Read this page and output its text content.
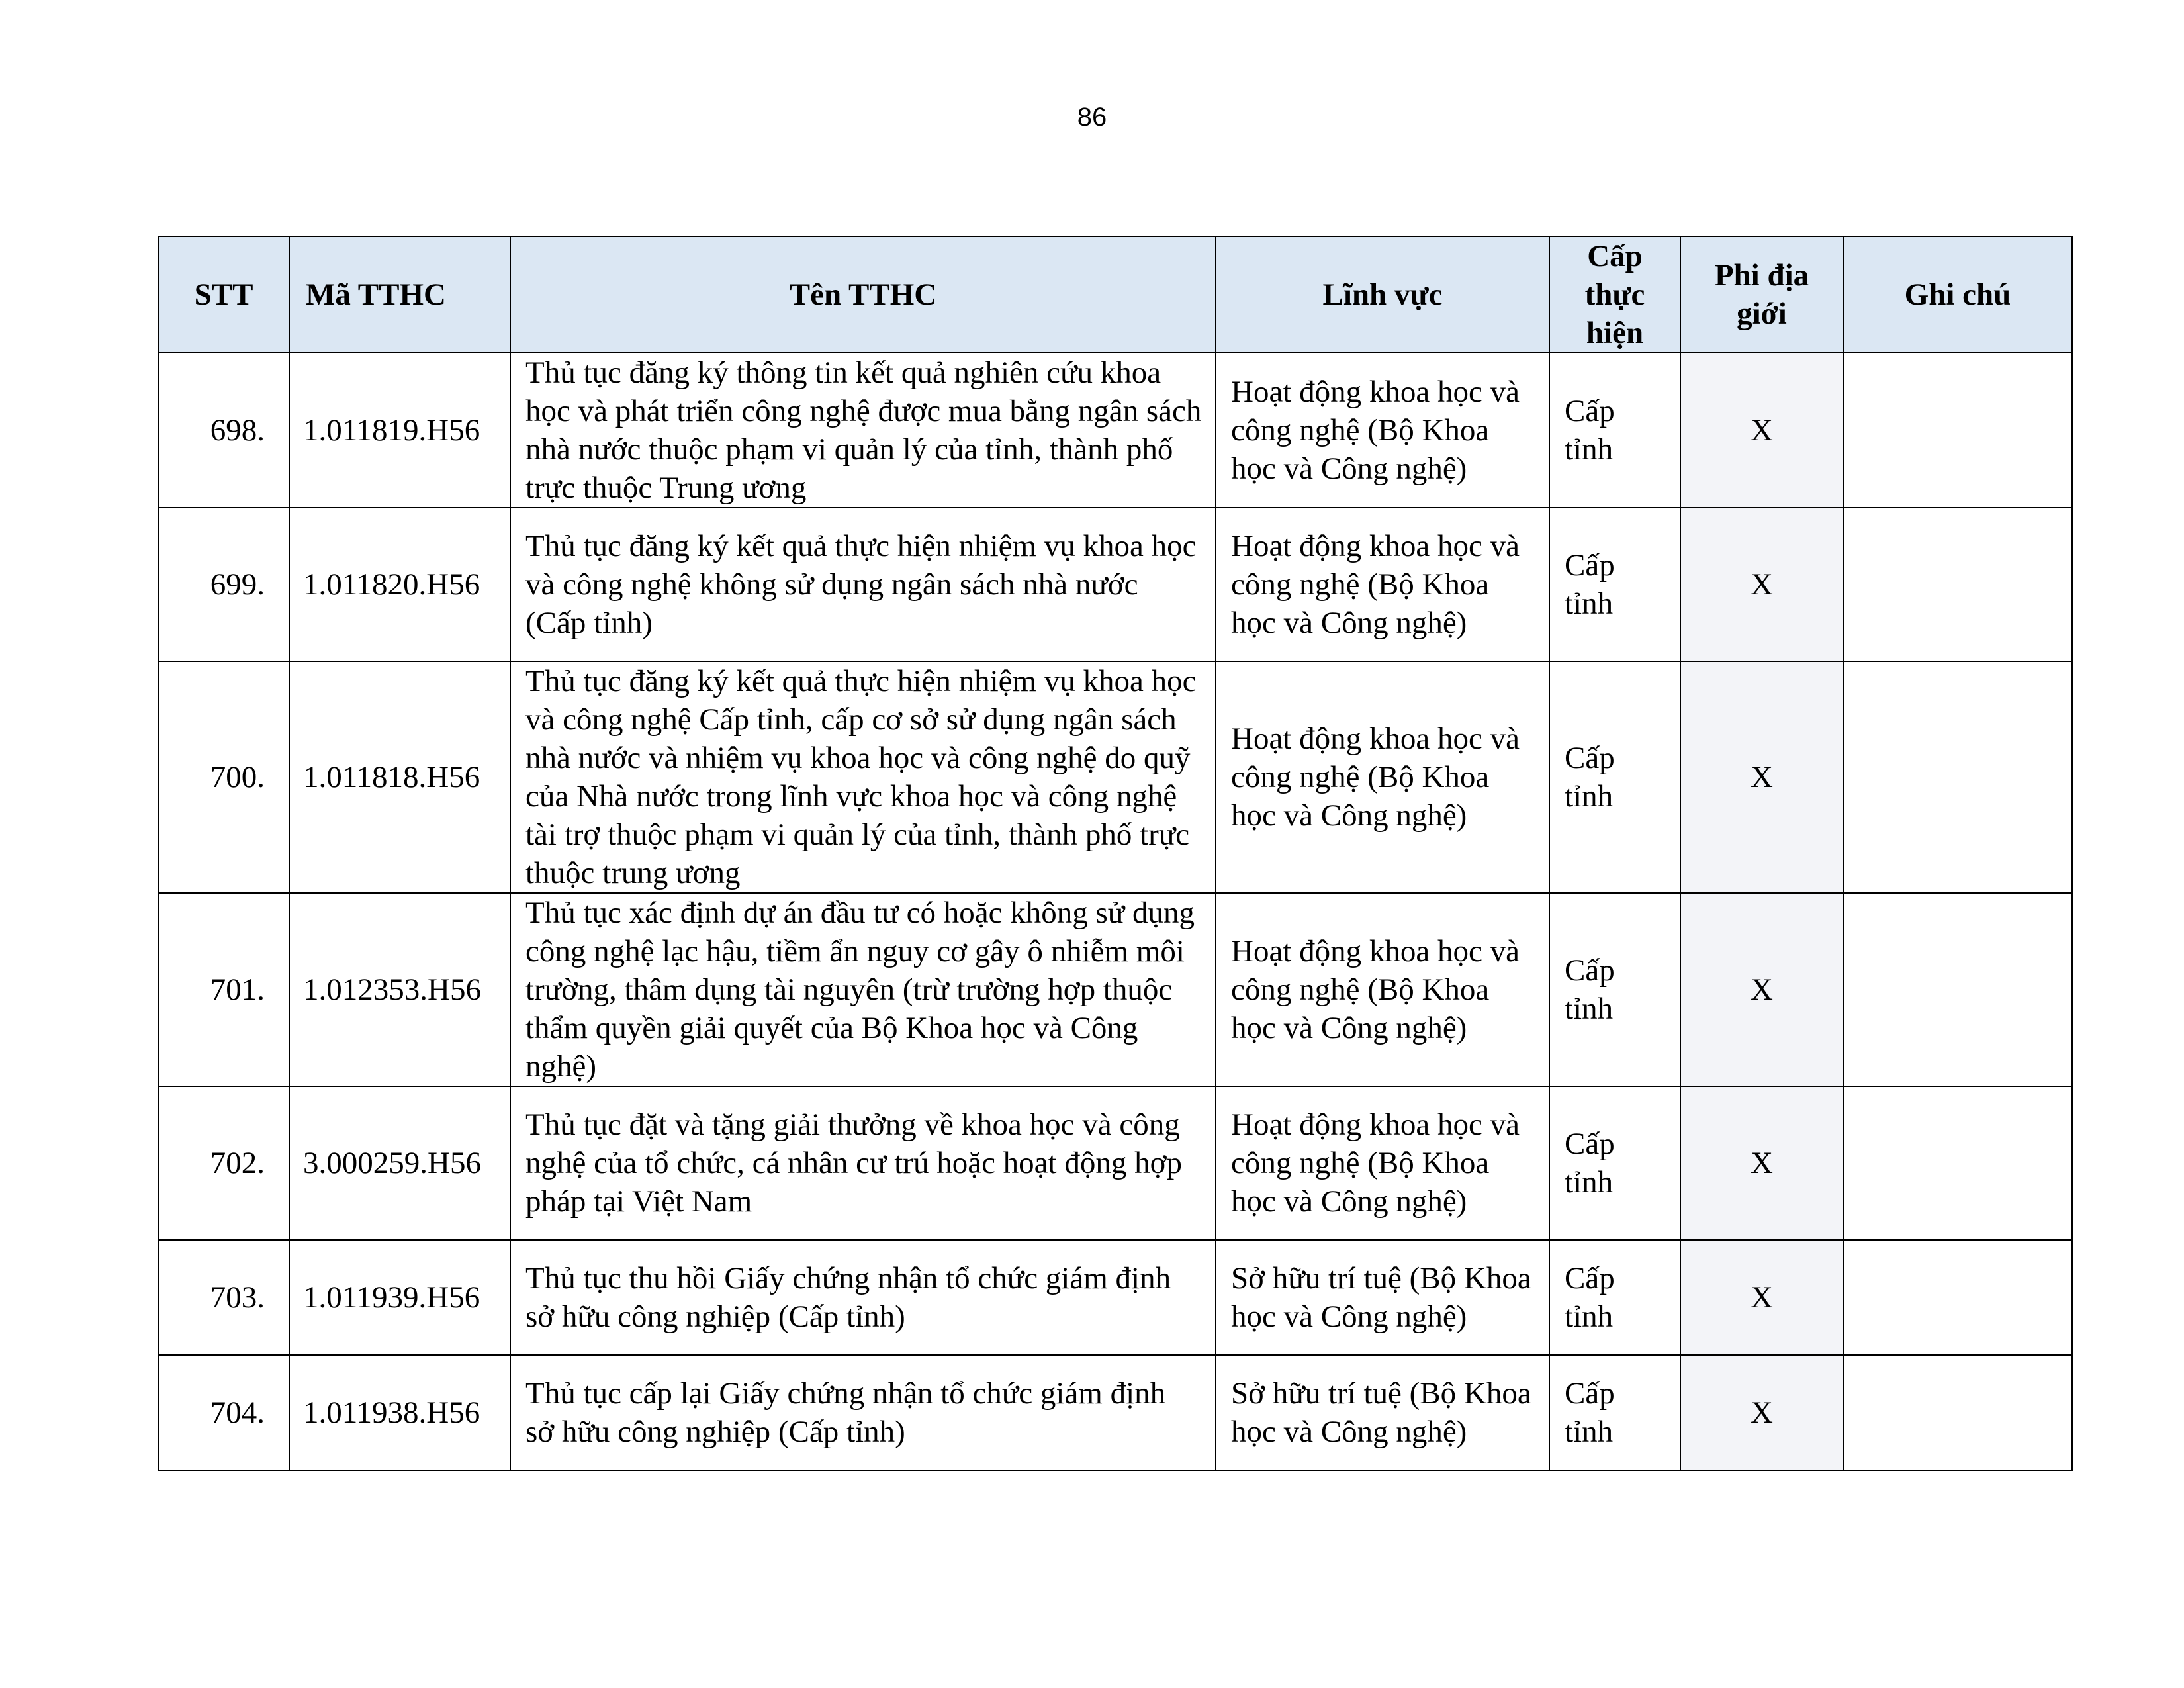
86
STT	Mã TTHC	Tên TTHC	Lĩnh vực	Cấp thực hiện	Phi địa giới	Ghi chú
698.	1.011819.H56	Thủ tục đăng ký thông tin kết quả nghiên cứu khoa học và phát triển công nghệ được mua bằng ngân sách nhà nước thuộc phạm vi quản lý của tỉnh, thành phố trực thuộc Trung ương	Hoạt động khoa học và công nghệ (Bộ Khoa học và Công nghệ)	Cấp tỉnh	X	
699.	1.011820.H56	Thủ tục đăng ký kết quả thực hiện nhiệm vụ khoa học và công nghệ không sử dụng ngân sách nhà nước (Cấp tỉnh)	Hoạt động khoa học và công nghệ (Bộ Khoa học và Công nghệ)	Cấp tỉnh	X	
700.	1.011818.H56	Thủ tục đăng ký kết quả thực hiện nhiệm vụ khoa học và công nghệ Cấp tỉnh, cấp cơ sở sử dụng ngân sách nhà nước và nhiệm vụ khoa học và công nghệ do quỹ của Nhà nước trong lĩnh vực khoa học và công nghệ tài trợ thuộc phạm vi quản lý của tỉnh, thành phố trực thuộc trung ương	Hoạt động khoa học và công nghệ (Bộ Khoa học và Công nghệ)	Cấp tỉnh	X	
701.	1.012353.H56	Thủ tục xác định dự án đầu tư có hoặc không sử dụng công nghệ lạc hậu, tiềm ẩn nguy cơ gây ô nhiễm môi trường, thâm dụng tài nguyên (trừ trường hợp thuộc thẩm quyền giải quyết của Bộ Khoa học và Công nghệ)	Hoạt động khoa học và công nghệ (Bộ Khoa học và Công nghệ)	Cấp tỉnh	X	
702.	3.000259.H56	Thủ tục đặt và tặng giải thưởng về khoa học và công nghệ của tổ chức, cá nhân cư trú hoặc hoạt động hợp pháp tại Việt Nam	Hoạt động khoa học và công nghệ (Bộ Khoa học và Công nghệ)	Cấp tỉnh	X	
703.	1.011939.H56	Thủ tục thu hồi Giấy chứng nhận tổ chức giám định sở hữu công nghiệp (Cấp tỉnh)	Sở hữu trí tuệ (Bộ Khoa học và Công nghệ)	Cấp tỉnh	X	
704.	1.011938.H56	Thủ tục cấp lại Giấy chứng nhận tổ chức giám định sở hữu công nghiệp (Cấp tỉnh)	Sở hữu trí tuệ (Bộ Khoa học và Công nghệ)	Cấp tỉnh	X	
